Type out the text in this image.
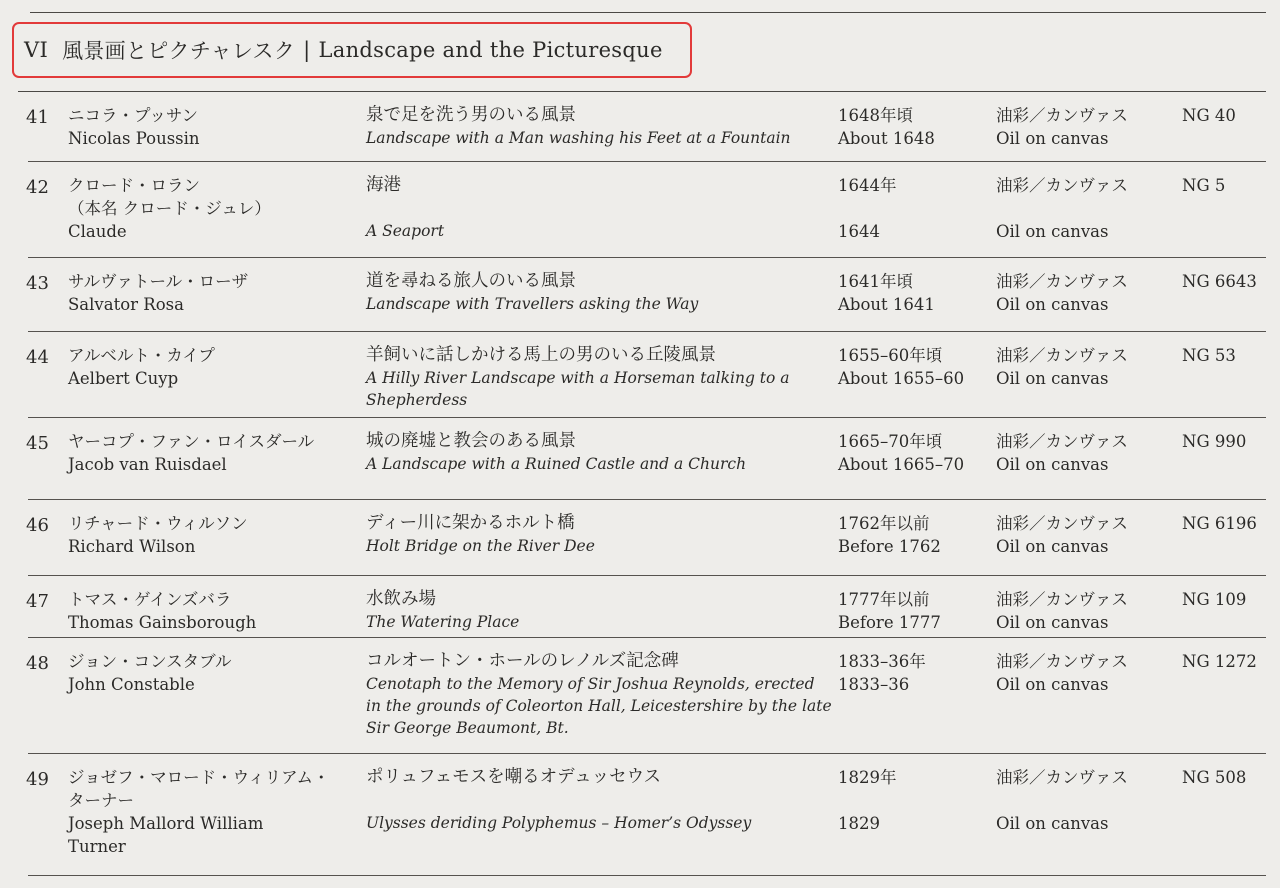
VI 風景画とピクチャレスク | Landscape and the Picturesque
41 ニコラ・プッサン
Nicolas Poussin
泉で足を洗う男のいる風景
Landscape with a Man washing his Feet at a Fountain
1648年頃
About 1648
油彩／カンヴァス
Oil on canvas
NG 40
42 クロード・ロラン
（本名 クロード・ジュレ）
Claude
海港
A Seaport
1644年
1644
油彩／カンヴァス
Oil on canvas
NG 5
43 サルヴァトール・ローザ
Salvator Rosa
道を尋ねる旅人のいる風景
Landscape with Travellers asking the Way
1641年頃
About 1641
油彩／カンヴァス
Oil on canvas
NG 6643
44 アルベルト・カイプ
Aelbert Cuyp
羊飼いに話しかける馬上の男のいる丘陵風景
A Hilly River Landscape with a Horseman talking to a
Shepherdess
1655–60年頃
About 1655–60
油彩／カンヴァス
Oil on canvas
NG 53
45 ヤーコプ・ファン・ロイスダール
Jacob van Ruisdael
城の廃墟と教会のある風景
A Landscape with a Ruined Castle and a Church
1665–70年頃
About 1665–70
油彩／カンヴァス
Oil on canvas
NG 990
46 リチャード・ウィルソン
Richard Wilson
ディー川に架かるホルト橋
Holt Bridge on the River Dee
1762年以前
Before 1762
油彩／カンヴァス
Oil on canvas
NG 6196
47 トマス・ゲインズバラ
Thomas Gainsborough
水飲み場
The Watering Place
1777年以前
Before 1777
油彩／カンヴァス
Oil on canvas
NG 109
48 ジョン・コンスタブル
John Constable
コルオートン・ホールのレノルズ記念碑
Cenotaph to the Memory of Sir Joshua Reynolds, erected
in the grounds of Coleorton Hall, Leicestershire by the late
Sir George Beaumont, Bt.
1833–36年
1833–36
油彩／カンヴァス
Oil on canvas
NG 1272
49 ジョゼフ・マロード・ウィリアム・
ターナー
Joseph Mallord William
Turner
ポリュフェモスを嘲るオデュッセウス
Ulysses deriding Polyphemus – Homer’s Odyssey
1829年
1829
油彩／カンヴァス
Oil on canvas
NG 508
